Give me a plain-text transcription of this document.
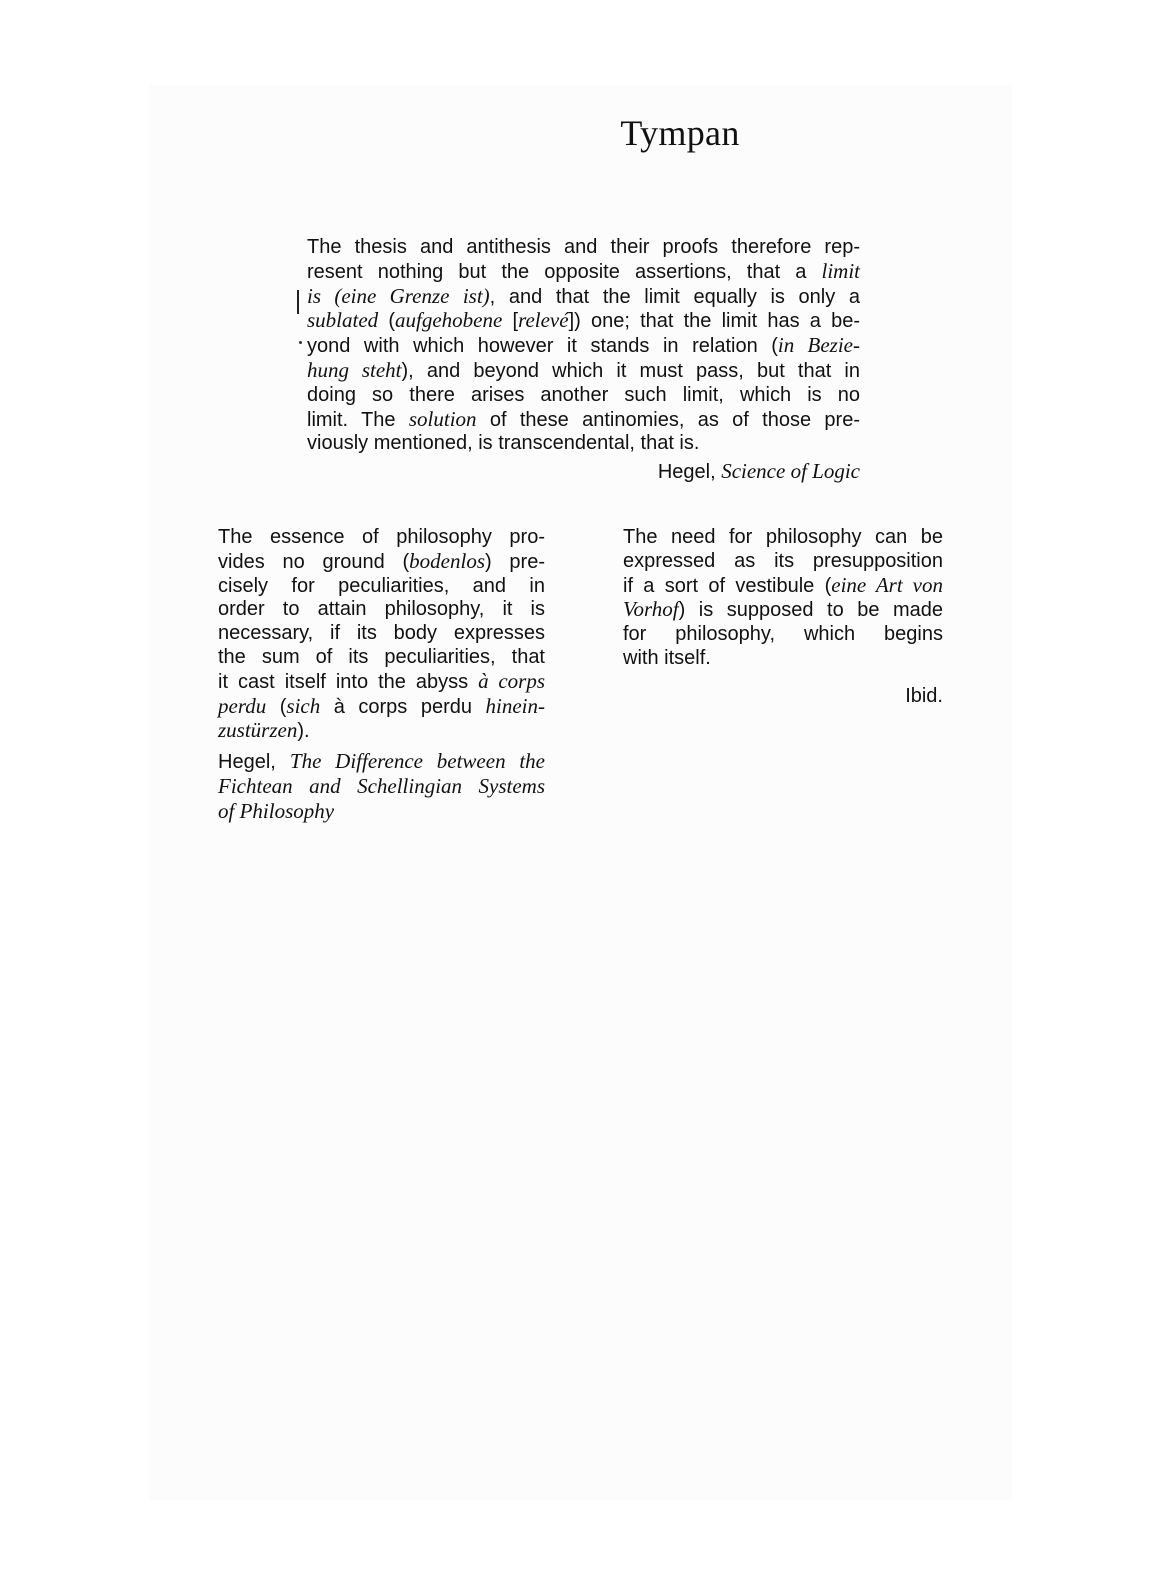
Tympan
The thesis and antithesis and their proofs therefore rep-
resent nothing but the opposite assertions, that a limit
is (eine Grenze ist), and that the limit equally is only a
sublated (aufgehobene [relevé]) one; that the limit has a be-
yond with which however it stands in relation (in Bezie-
hung steht), and beyond which it must pass, but that in
doing so there arises another such limit, which is no
limit. The solution of these antinomies, as of those pre-
viously mentioned, is transcendental, that is.
Hegel, Science of Logic
The essence of philosophy pro-
vides no ground (bodenlos) pre-
cisely for peculiarities, and in
order to attain philosophy, it is
necessary, if its body expresses
the sum of its peculiarities, that
it cast itself into the abyss à corps
perdu (sich à corps perdu hinein-
zustürzen).
Hegel, The Difference between the
Fichtean and Schellingian Systems
of Philosophy
The need for philosophy can be
expressed as its presupposition
if a sort of vestibule (eine Art von
Vorhof) is supposed to be made
for philosophy, which begins
with itself.
Ibid.
